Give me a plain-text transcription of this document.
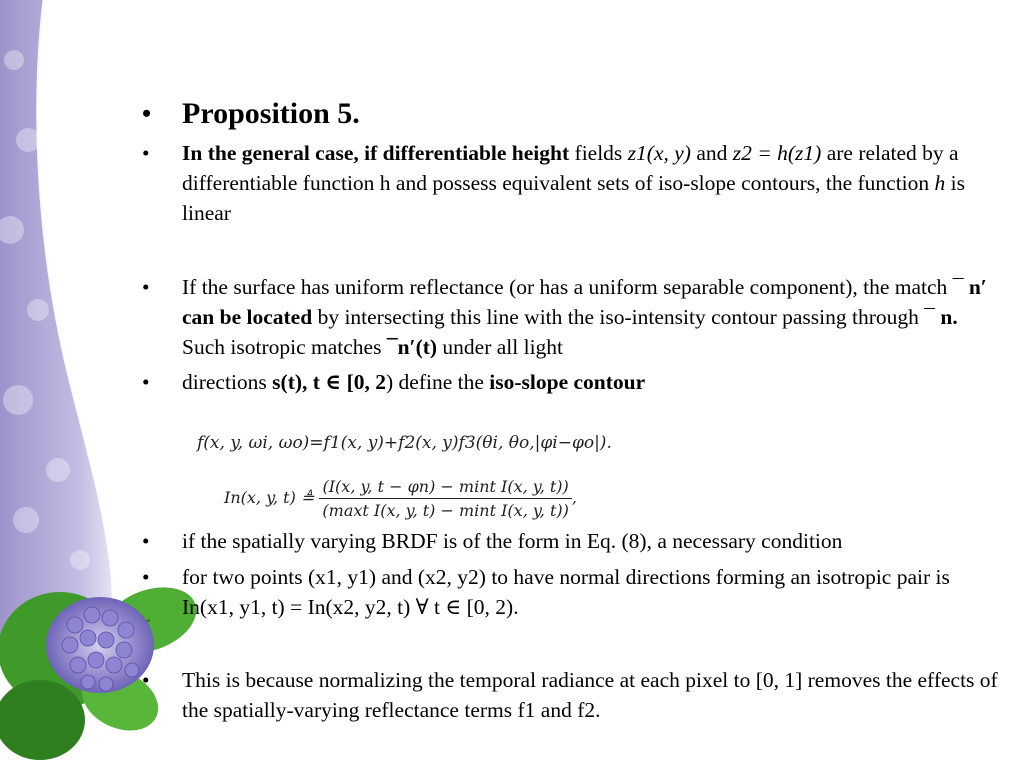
• Proposition 5.
• In the general case, if differentiable height fields z1(x, y) and z2 = h(z1) are related by a differentiable function h and possess equivalent sets of iso-slope contours, the function h is linear
• If the surface has uniform reflectance (or has a uniform separable component), the match ¯ n′ can be located by intersecting this line with the iso-intensity contour passing through ¯ n. Such isotropic matches ¯n′(t) under all light
• directions s(t), t ∈ [0, 2) define the iso-slope contour
f(x, y, ωi, ωo)=f1(x, y)+f2(x, y)f3(θi, θo,|φi−φo|).
In(x, y, t) ≜ $\frac{\text{(I(x, y, t − φn) − mint I(x, y, t))}}{\text{(maxt I(x, y, t) − mint I(x, y, t))}}$ ,
• if the spatially varying BRDF is of the form in Eq. (8), a necessary condition
• for two points (x1, y1) and (x2, y2) to have normal directions forming an isotropic pair is In(x1, y1, t) = In(x2, y2, t) ∀ t ∈ [0, 2).
• This is because normalizing the temporal radiance at each pixel to [0, 1] removes the effects of the spatially-varying reflectance terms f1 and f2.
